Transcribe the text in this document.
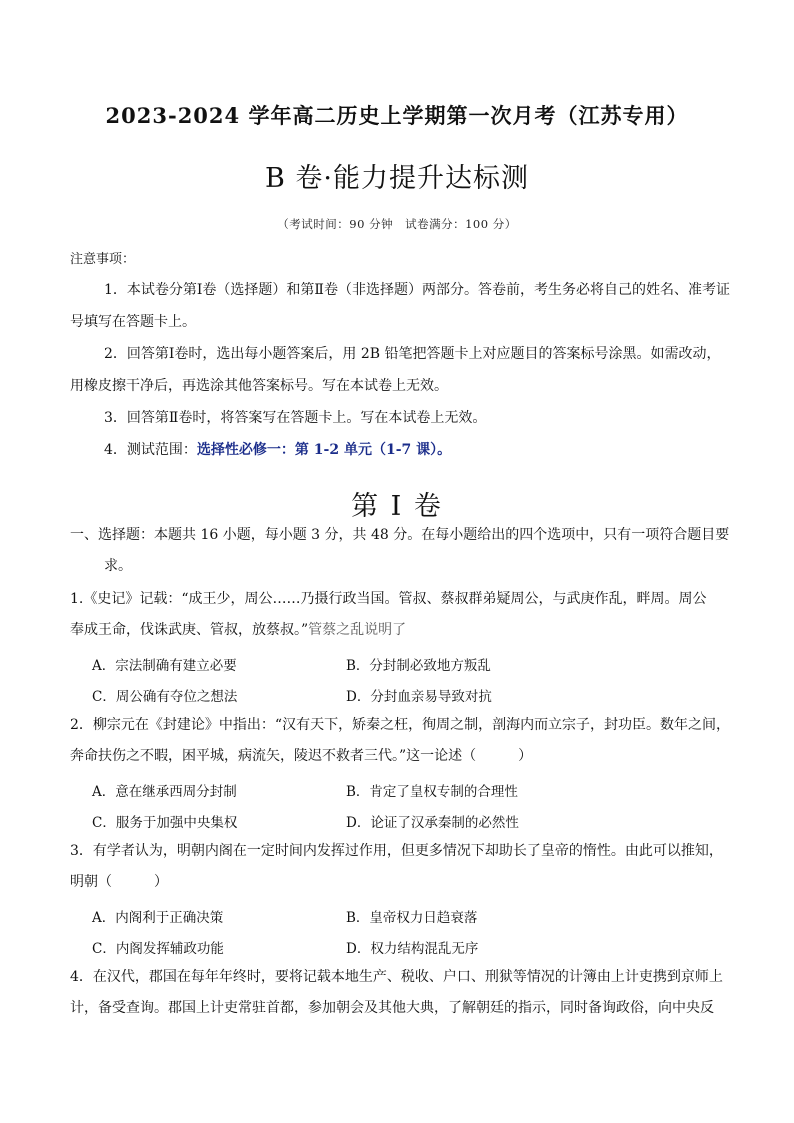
2023-2024 学年高二历史上学期第一次月考（江苏专用）
B 卷·能力提升达标测
（考试时间：90 分钟　试卷满分：100 分）
注意事项：

1．本试卷分第Ⅰ卷（选择题）和第Ⅱ卷（非选择题）两部分。答卷前，考生务必将自己的姓名、准考证号填写在答题卡上。

2．回答第Ⅰ卷时，选出每小题答案后，用 2B 铅笔把答题卡上对应题目的答案标号涂黑。如需改动，用橡皮擦干净后，再选涂其他答案标号。写在本试卷上无效。

3．回答第Ⅱ卷时，将答案写在答题卡上。写在本试卷上无效。

4．测试范围：选择性必修一：第 1-2 单元（1-7 课）。

第 I 卷

一、选择题：本题共 16 小题，每小题 3 分，共 48 分。在每小题给出的四个选项中，只有一项符合题目要

求。

1.《史记》记载：“成王少，周公……乃摄行政当国。管叔、蔡叔群弟疑周公，与武庚作乱，畔周。周公

奉成王命，伐诛武庚、管叔，放蔡叔。”管蔡之乱说明了

A．宗法制确有建立必要	B．分封制必致地方叛乱
C．周公确有夺位之想法	D．分封血亲易导致对抗

2．柳宗元在《封建论》中指出：“汉有天下，矫秦之枉，徇周之制，剖海内而立宗子，封功臣。数年之间，

奔命扶伤之不暇，困平城，病流矢，陵迟不救者三代。”这一论述（　　　）

A．意在继承西周分封制	B．肯定了皇权专制的合理性
C．服务于加强中央集权	D．论证了汉承秦制的必然性

3．有学者认为，明朝内阁在一定时间内发挥过作用，但更多情况下却助长了皇帝的惰性。由此可以推知，

明朝（　　　）

A．内阁利于正确决策	B．皇帝权力日趋衰落
C．内阁发挥辅政功能	D．权力结构混乱无序

4．在汉代，郡国在每年年终时，要将记载本地生产、税收、户口、刑狱等情况的计簿由上计吏携到京师上

计，备受查询。郡国上计吏常驻首都，参加朝会及其他大典，了解朝廷的指示，同时备询政俗，向中央反
